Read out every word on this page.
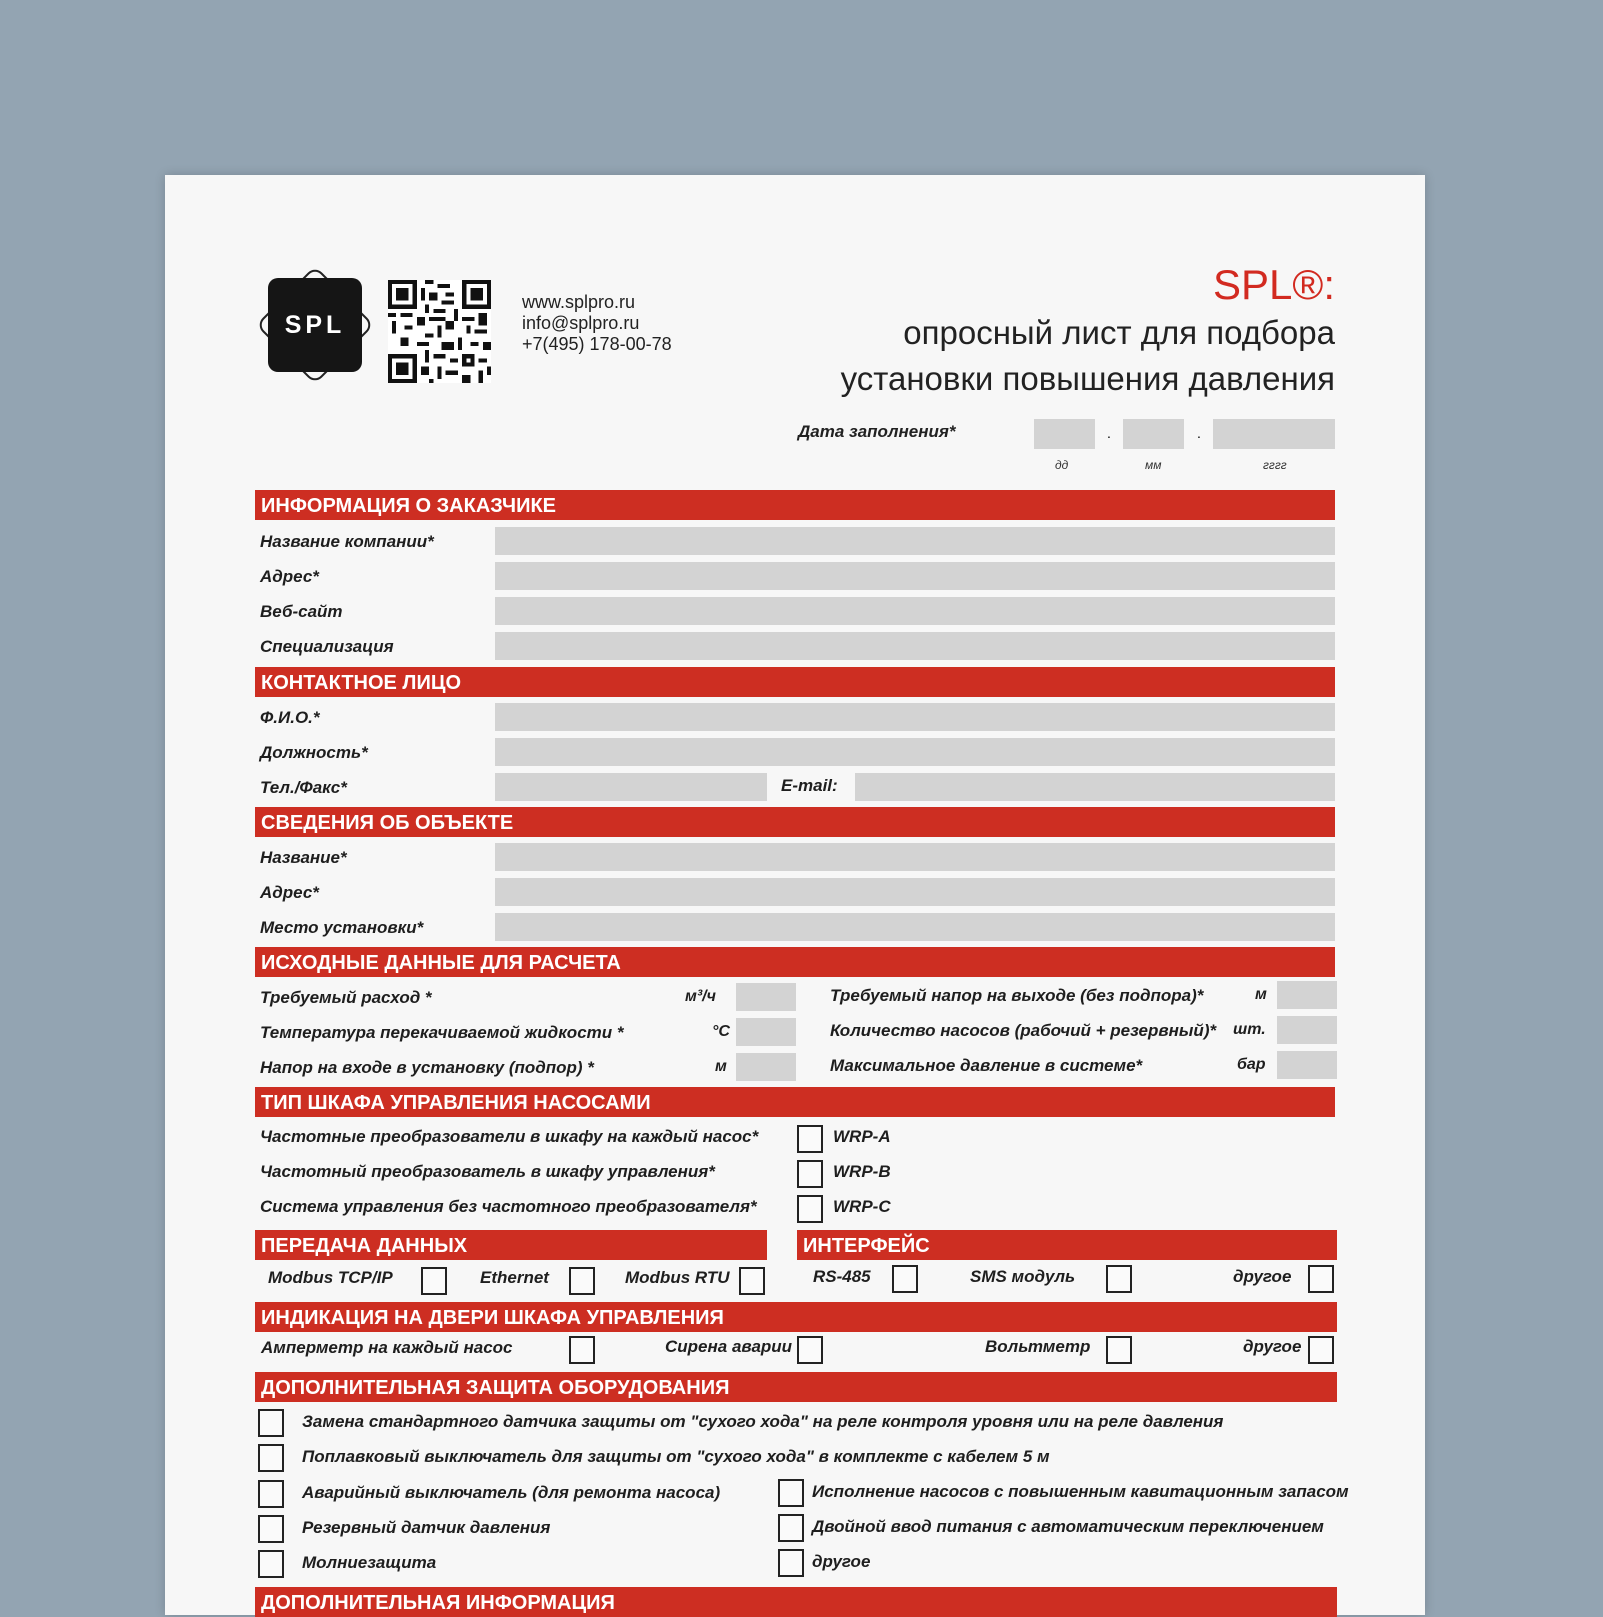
SPL
www.splpro.ru
info@splpro.ru
+7(495) 178-00-78
SPL®:
опросный лист для подбора
установки повышения давления
Дата заполнения*	.	.
дд	мм	гггг
ИНФОРМАЦИЯ О ЗАКАЗЧИКЕ
Название компании*
Адрес*
Веб-сайт
Специализация
КОНТАКТНОЕ ЛИЦО
Ф.И.О.*
Должность*
Тел./Факс*	E-mail:
СВЕДЕНИЯ ОБ ОБЪЕКТЕ
Название*
Адрес*
Место установки*
ИСХОДНЫЕ ДАННЫЕ ДЛЯ РАСЧЕТА
Требуемый расход *	м³/ч
Температура перекачиваемой жидкости *	°C
Напор на входе в установку (подпор) *	м
Требуемый напор на выходе (без подпора)*	м
Количество насосов (рабочий + резервный)* шт.
Максимальное давление в системе*	бар
ТИП ШКАФА УПРАВЛЕНИЯ НАСОСАМИ
Частотные преобразователи в шкафу на каждый насос*	WRP-A
Частотный преобразователь в шкафу управления*	WRP-B
Система управления без частотного преобразователя*	WRP-C
ПЕРЕДАЧА ДАННЫХ	ИНТЕРФЕЙС
Modbus TCP/IP	Ethernet	Modbus RTU	RS-485	SMS модуль	другое
ИНДИКАЦИЯ НА ДВЕРИ ШКАФА УПРАВЛЕНИЯ
Амперметр на каждый насос	Сирена аварии	Вольтметр	другое
ДОПОЛНИТЕЛЬНАЯ ЗАЩИТА ОБОРУДОВАНИЯ
Замена стандартного датчика защиты от "сухого хода" на реле контроля уровня или на реле давления
Поплавковый выключатель для защиты от "сухого хода" в комплекте с кабелем 5 м
Аварийный выключатель (для ремонта насоса)
Резервный датчик давления
Молниезащита
Исполнение насосов с повышенным кавитационным запасом
Двойной ввод питания с автоматическим переключением
другое
ДОПОЛНИТЕЛЬНАЯ ИНФОРМАЦИЯ
